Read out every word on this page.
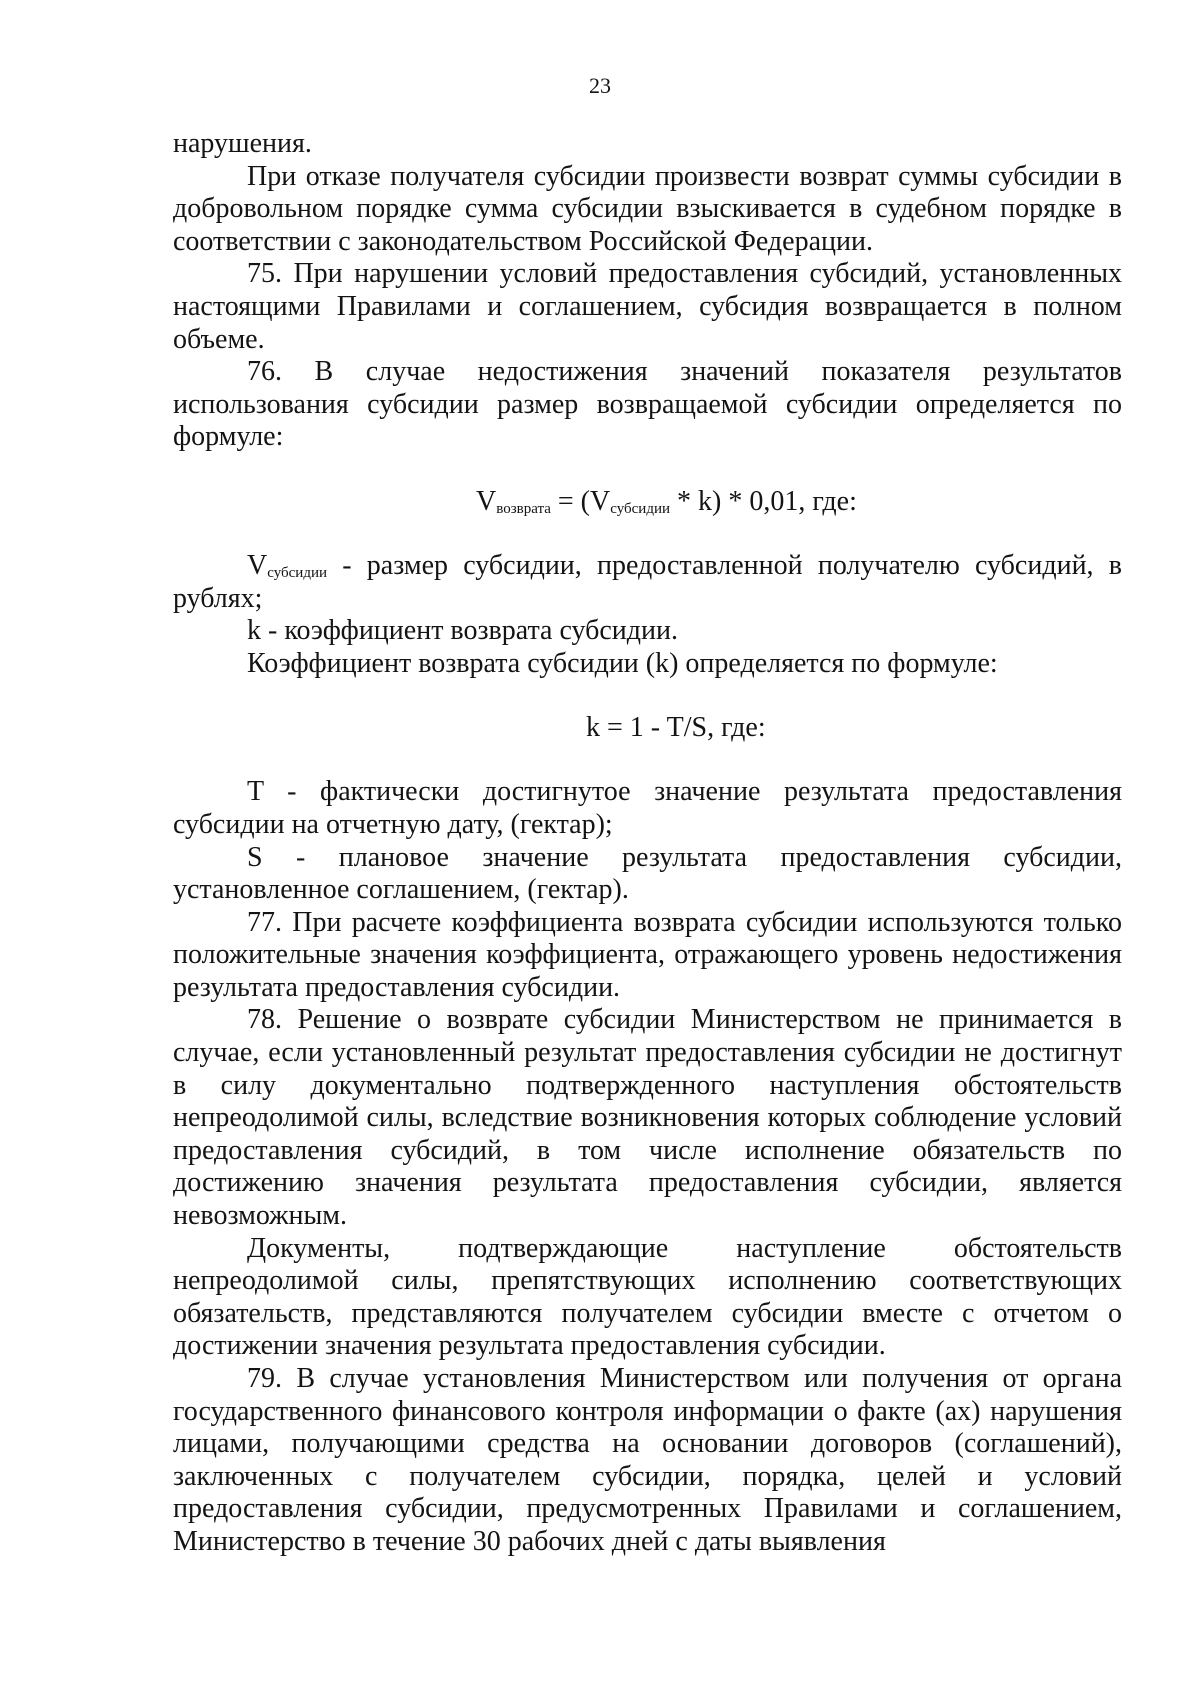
23

нарушения.

При отказе получателя субсидии произвести возврат суммы субсидии в добровольном порядке сумма субсидии взыскивается в судебном порядке в соответствии с законодательством Российской Федерации.

75. При нарушении условий предоставления субсидий, установленных настоящими Правилами и соглашением, субсидия возвращается в полном объеме.

76. В случае недостижения значений показателя результатов использования субсидии размер возвращаемой субсидии определяется по формуле:

$V_{возврата} = (V_{субсидии} * k) * 0,01$, где:

$V_{субсидии}$ - размер субсидии, предоставленной получателю субсидий, в рублях;

k - коэффициент возврата субсидии.

Коэффициент возврата субсидии (k) определяется по формуле:

k = 1 - T/S, где:

T - фактически достигнутое значение результата предоставления субсидии на отчетную дату, (гектар);

S - плановое значение результата предоставления субсидии, установленное соглашением, (гектар).

77. При расчете коэффициента возврата субсидии используются только положительные значения коэффициента, отражающего уровень недостижения результата предоставления субсидии.

78. Решение о возврате субсидии Министерством не принимается в случае, если установленный результат предоставления субсидии не достигнут в силу документально подтвержденного наступления обстоятельств непреодолимой силы, вследствие возникновения которых соблюдение условий предоставления субсидий, в том числе исполнение обязательств по достижению значения результата предоставления субсидии, является невозможным.

Документы, подтверждающие наступление обстоятельств непреодолимой силы, препятствующих исполнению соответствующих обязательств, представляются получателем субсидии вместе с отчетом о достижении значения результата предоставления субсидии.

79. В случае установления Министерством или получения от органа государственного финансового контроля информации о факте (ах) нарушения лицами, получающими средства на основании договоров (соглашений), заключенных с получателем субсидии, порядка, целей и условий предоставления субсидии, предусмотренных Правилами и соглашением, Министерство в течение 30 рабочих дней с даты выявления
